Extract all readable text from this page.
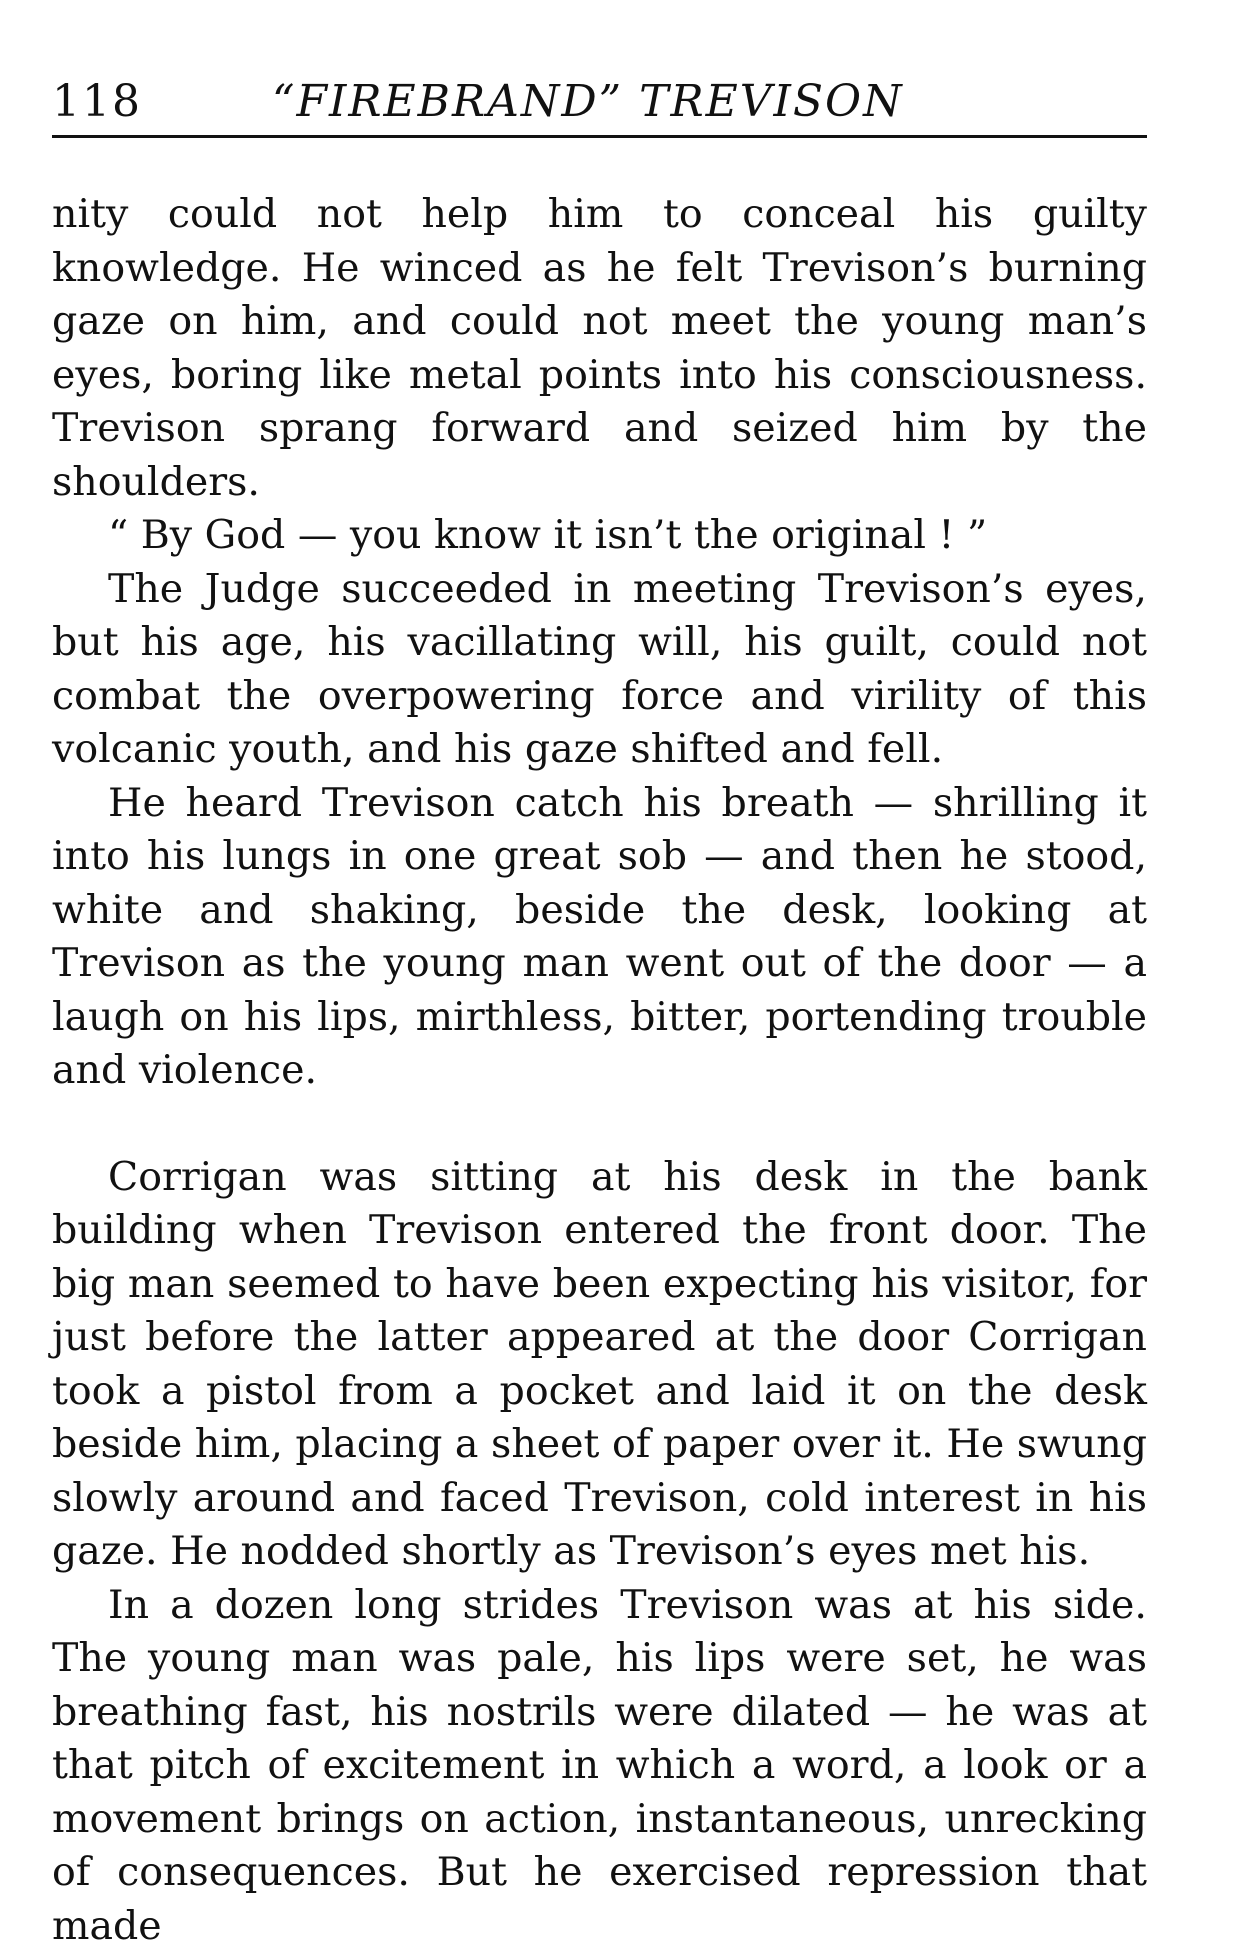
118	“FIREBRAND” TREVISON

nity could not help him to conceal his guilty knowledge. He winced as he felt Trevison’s burning gaze on him, and could not meet the young man’s eyes, boring like metal points into his consciousness. Trevison sprang forward and seized him by the shoulders.

“ By God — you know it isn’t the original ! ”

The Judge succeeded in meeting Trevison’s eyes, but his age, his vacillating will, his guilt, could not combat the overpowering force and virility of this volcanic youth, and his gaze shifted and fell.

He heard Trevison catch his breath — shrilling it into his lungs in one great sob — and then he stood, white and shaking, beside the desk, looking at Trevison as the young man went out of the door — a laugh on his lips, mirthless, bitter, portending trouble and violence.

Corrigan was sitting at his desk in the bank building when Trevison entered the front door. The big man seemed to have been expecting his visitor, for just before the latter appeared at the door Corrigan took a pistol from a pocket and laid it on the desk beside him, placing a sheet of paper over it. He swung slowly around and faced Trevison, cold interest in his gaze. He nodded shortly as Trevison’s eyes met his.

In a dozen long strides Trevison was at his side. The young man was pale, his lips were set, he was breathing fast, his nostrils were dilated — he was at that pitch of excitement in which a word, a look or a movement brings on action, instantaneous, unrecking of consequences. But he exercised repression that made
